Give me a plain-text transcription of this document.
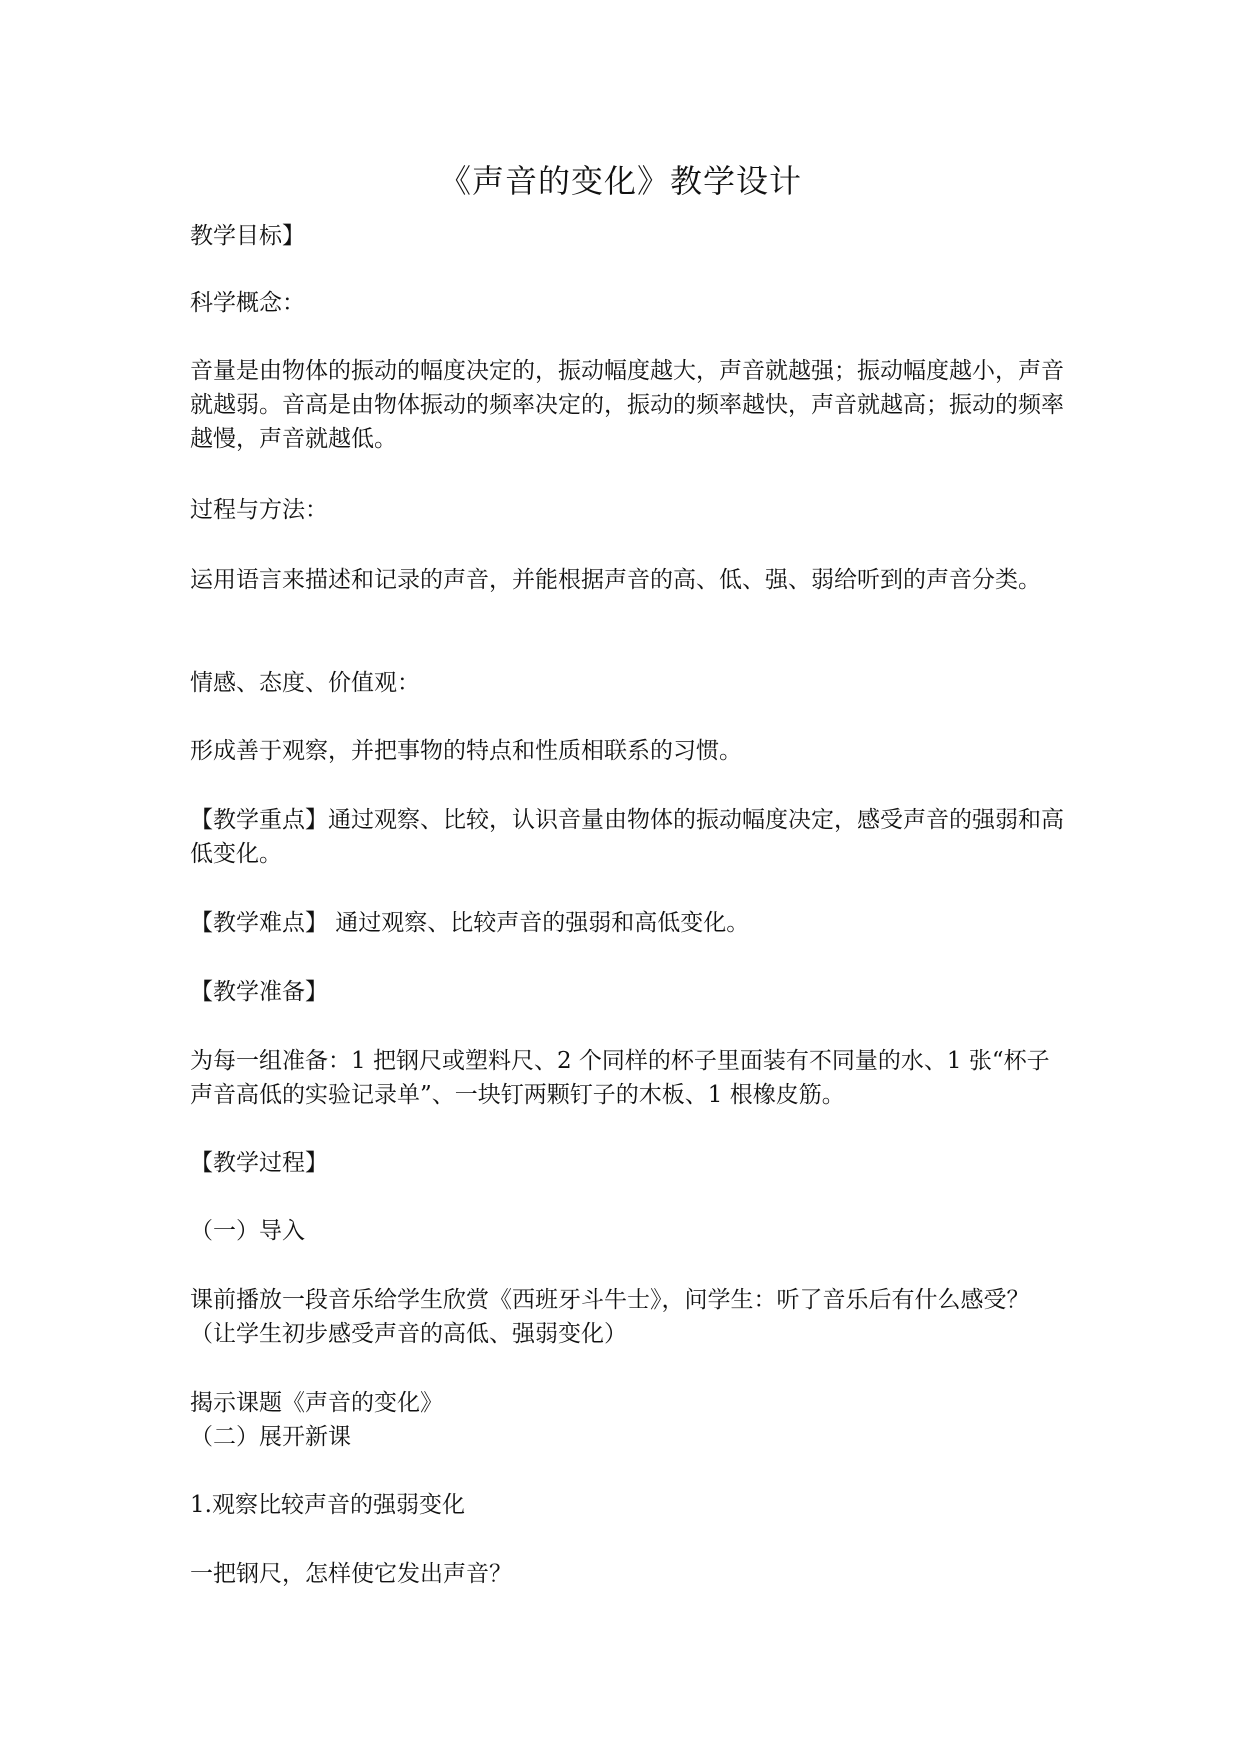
《声音的变化》教学设计

教学目标】

科学概念：

音量是由物体的振动的幅度决定的，振动幅度越大，声音就越强；振动幅度越小，声音就越弱。音高是由物体振动的频率决定的，振动的频率越快，声音就越高；振动的频率越慢，声音就越低。

过程与方法：

运用语言来描述和记录的声音，并能根据声音的高、低、强、弱给听到的声音分类。

情感、态度、价值观：

形成善于观察，并把事物的特点和性质相联系的习惯。

【教学重点】通过观察、比较，认识音量由物体的振动幅度决定，感受声音的强弱和高低变化。

【教学难点】 通过观察、比较声音的强弱和高低变化。

【教学准备】

为每一组准备：1 把钢尺或塑料尺、2 个同样的杯子里面装有不同量的水、1 张“杯子声音高低的实验记录单”、一块钉两颗钉子的木板、1 根橡皮筋。

【教学过程】

（一）导入

课前播放一段音乐给学生欣赏《西班牙斗牛士》，问学生：听了音乐后有什么感受？（让学生初步感受声音的高低、强弱变化）

揭示课题《声音的变化》

（二）展开新课

1.观察比较声音的强弱变化

一把钢尺，怎样使它发出声音？
